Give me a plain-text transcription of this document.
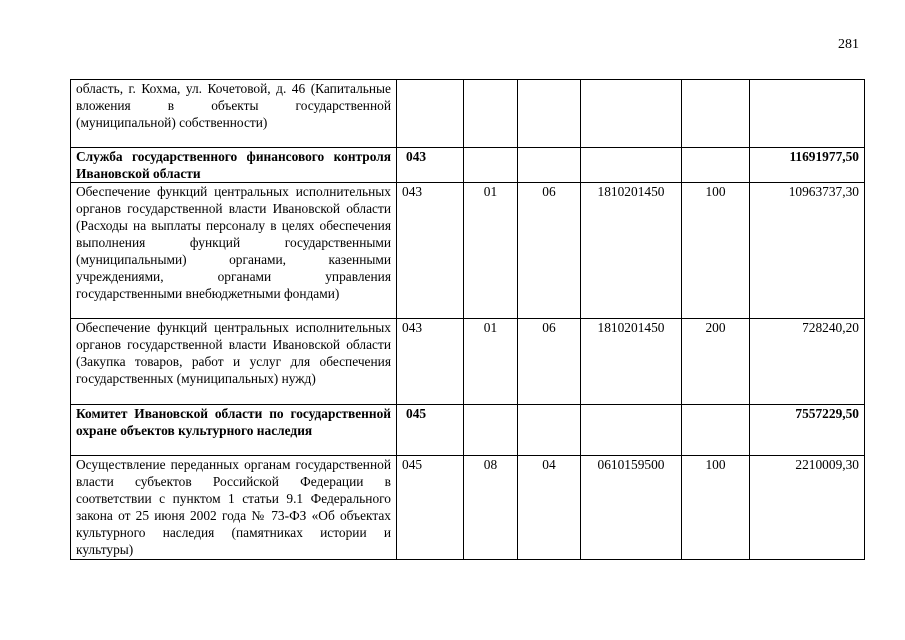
281
область, г. Кохма, ул. Кочетовой, д. 46 (Капитальные вложения в объекты государственной (муниципальной) собственности)						
Служба государственного финансового контроля Ивановской области	043					11691977,50
Обеспечение функций центральных исполнительных органов государственной власти Ивановской области (Расходы на выплаты персоналу в целях обеспечения выполнения функций государственными (муниципальными) органами, казенными учреждениями, органами управления государственными внебюджетными фондами)	043	01	06	1810201450	100	10963737,30
Обеспечение функций центральных исполнительных органов государственной власти Ивановской области (Закупка товаров, работ и услуг для обеспечения государственных (муниципальных) нужд)	043	01	06	1810201450	200	728240,20
Комитет Ивановской области по государственной охране объектов культурного наследия	045					7557229,50
Осуществление переданных органам государственной власти субъектов Российской Федерации в соответствии с пунктом 1 статьи 9.1 Федерального закона от 25 июня 2002 года № 73-ФЗ «Об объектах культурного наследия (памятниках истории и культуры)	045	08	04	0610159500	100	2210009,30
